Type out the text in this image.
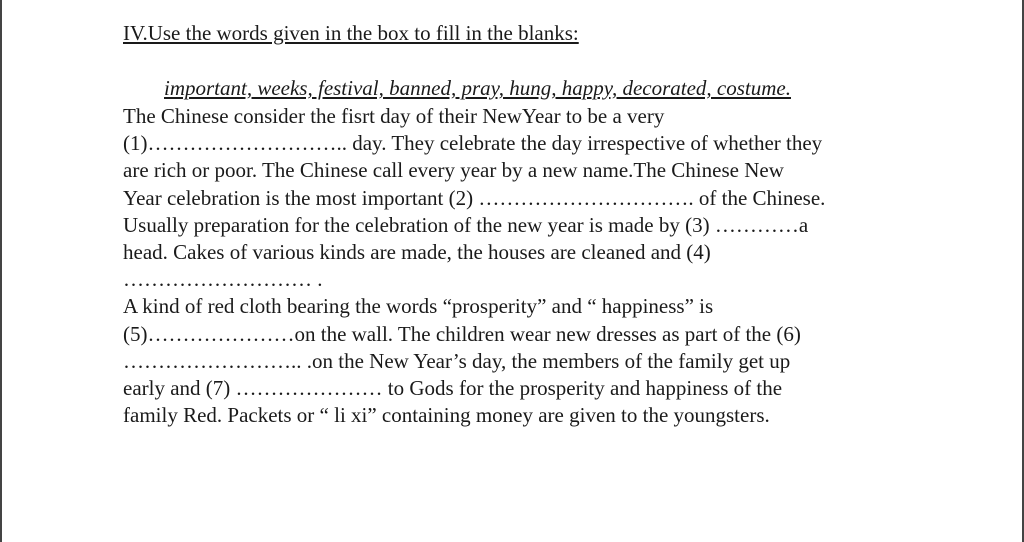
IV.Use the words given in the box to fill in the blanks:
important, weeks, festival, banned, pray, hung, happy, decorated, costume.
The Chinese consider the fisrt day of their NewYear to be a very
(1)……………………….. day. They celebrate the day irrespective of whether they
are rich or poor. The Chinese call every year by a new name.The Chinese New
Year celebration is the most important (2) …………………………. of the Chinese.
Usually preparation for the celebration of the new year is made by (3) …………a
head. Cakes of various kinds are made, the houses are cleaned and (4)
……………………… .
A kind of red cloth bearing the words “prosperity” and “ happiness” is
(5)…………………on the wall. The children wear new dresses as part of the (6)
…………………….. .on the New Year’s day, the members of the family get up
early and (7) ………………… to Gods for the prosperity and happiness of the
family Red. Packets or “ li xi” containing money are given to the youngsters.
